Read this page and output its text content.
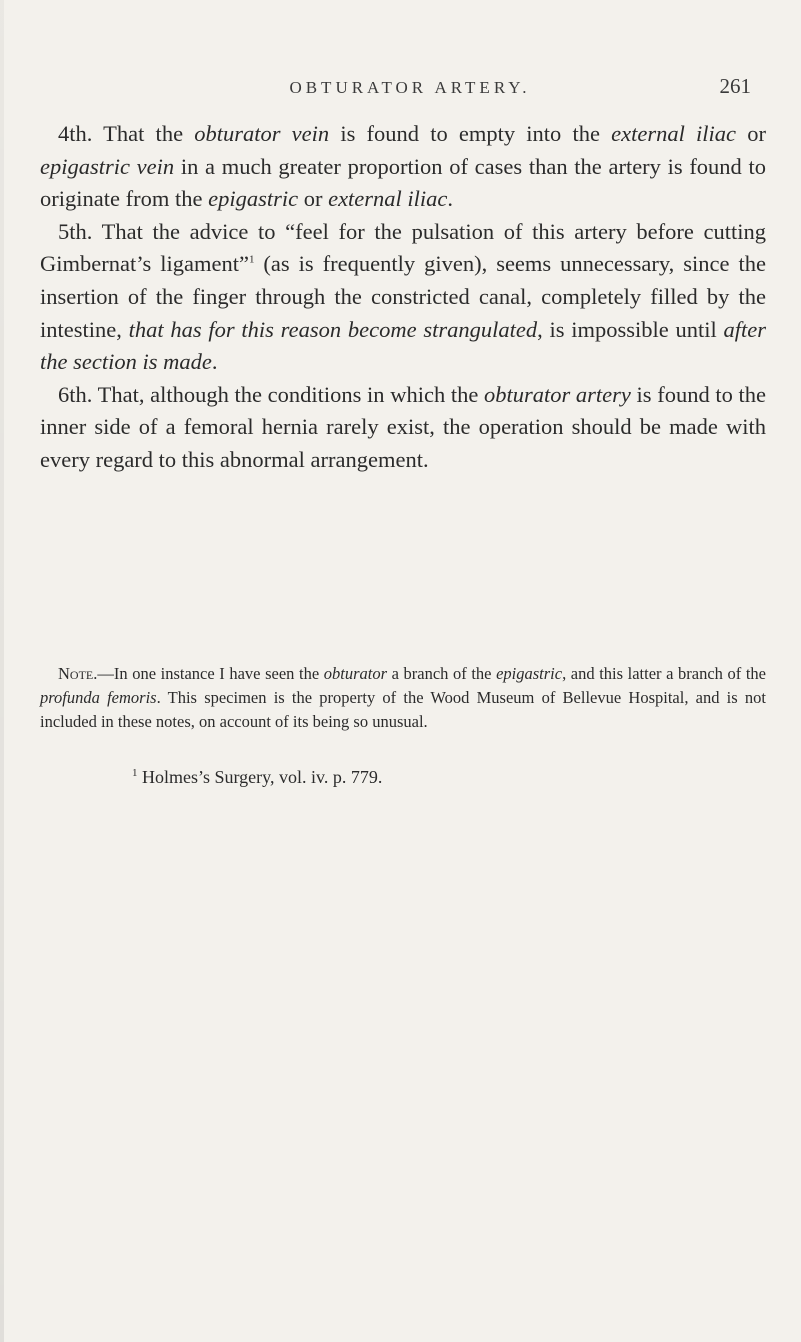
OBTURATOR ARTERY.	261

4th. That the obturator vein is found to empty into the external iliac or epigastric vein in a much greater proportion of cases than the artery is found to originate from the epigastric or external iliac.

5th. That the advice to “feel for the pulsation of this artery before cutting Gimbernat’s ligament”$^1$ (as is frequently given), seems unnecessary, since the insertion of the finger through the constricted canal, completely filled by the intestine, that has for this reason become strangulated, is impossible until after the section is made.

6th. That, although the conditions in which the obturator artery is found to the inner side of a femoral hernia rarely exist, the operation should be made with every regard to this abnormal arrangement.

Note.—In one instance I have seen the obturator a branch of the epigastric, and this latter a branch of the profunda femoris. This specimen is the property of the Wood Museum of Bellevue Hospital, and is not included in these notes, on account of its being so unusual.

$^1$ Holmes’s Surgery, vol. iv. p. 779.
